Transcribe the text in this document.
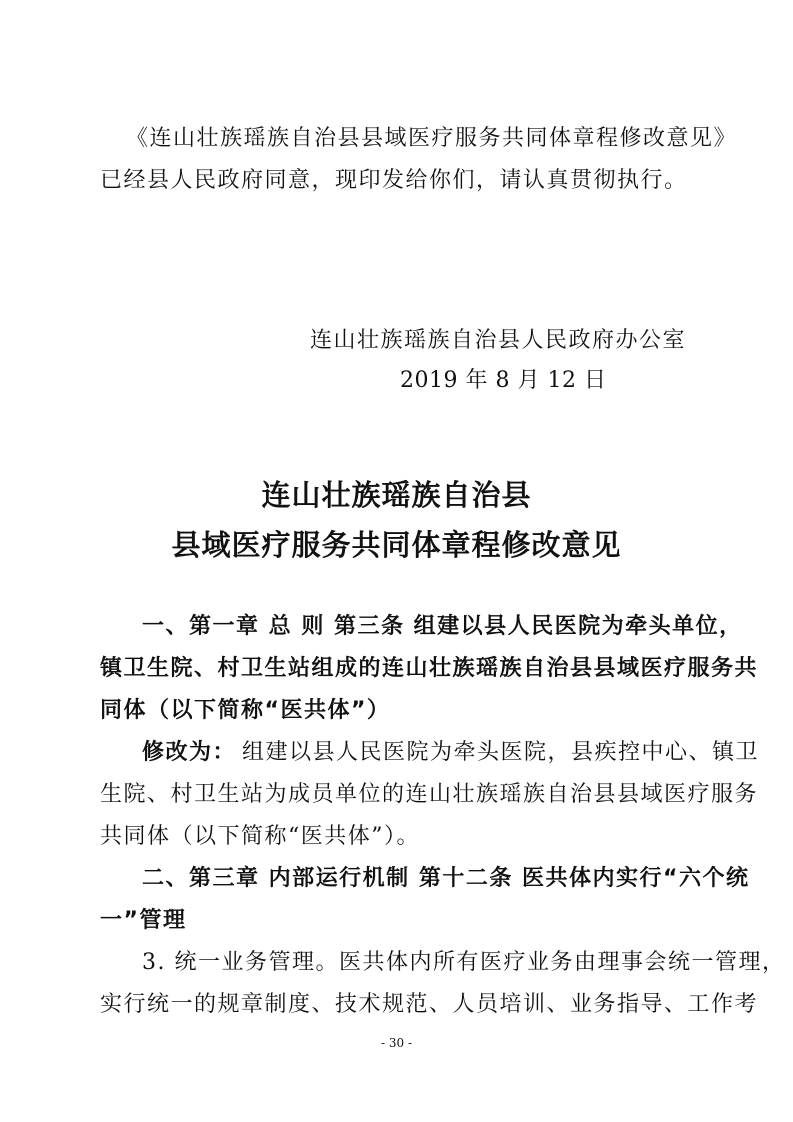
《连山壮族瑶族自治县县域医疗服务共同体章程修改意见》
已经县人民政府同意，现印发给你们，请认真贯彻执行。
连山壮族瑶族自治县人民政府办公室
2019 年 8 月 12 日
连山壮族瑶族自治县
县域医疗服务共同体章程修改意见
一、第一章 总 则 第三条 组建以县人民医院为牵头单位，
镇卫生院、村卫生站组成的连山壮族瑶族自治县县域医疗服务共
同体（以下简称“医共体”）
修改为： 组建以县人民医院为牵头医院，县疾控中心、镇卫
生院、村卫生站为成员单位的连山壮族瑶族自治县县域医疗服务
共同体（以下简称“医共体”）。
二、第三章 内部运行机制 第十二条 医共体内实行“六个统
一”管理
3. 统一业务管理。医共体内所有医疗业务由理事会统一管理，
实行统一的规章制度、技术规范、人员培训、业务指导、工作考
- 30 -
